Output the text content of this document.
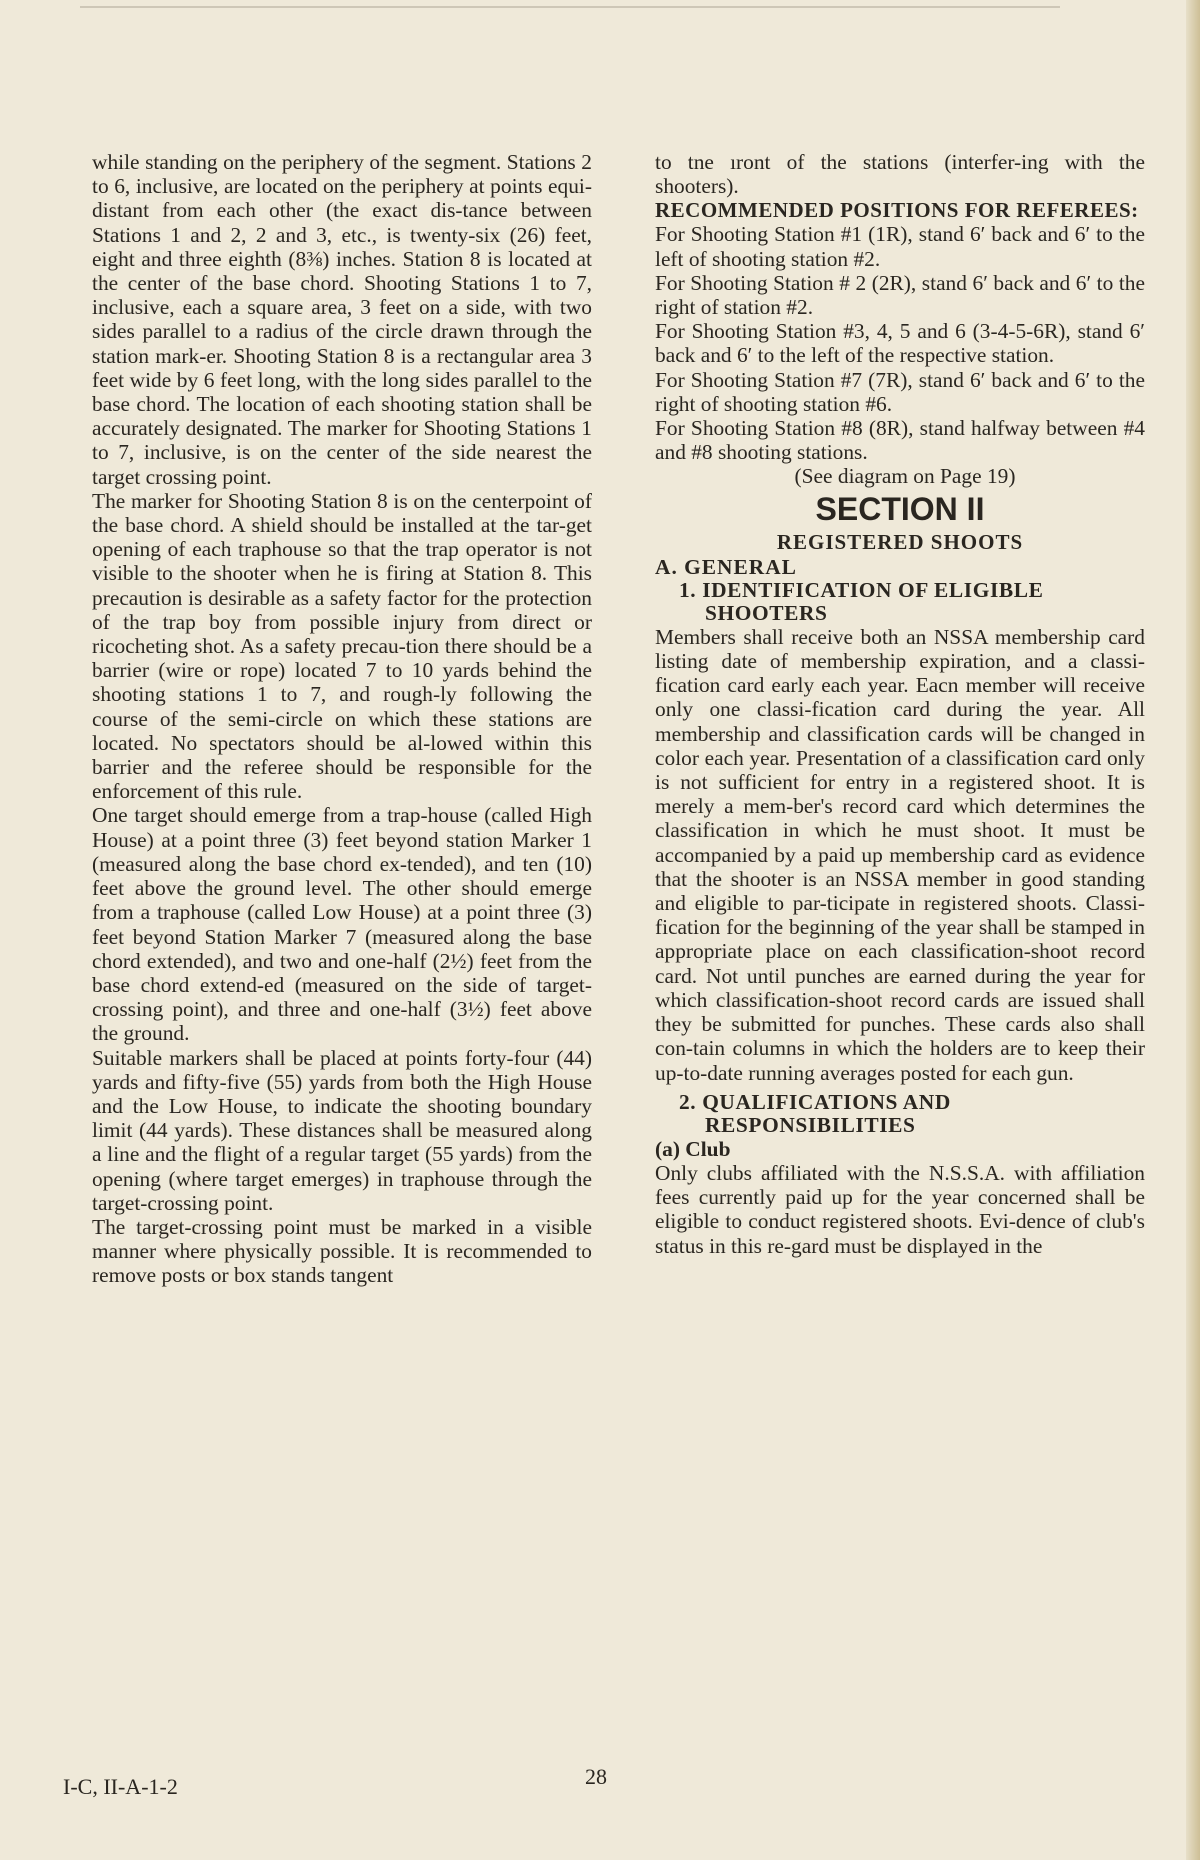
while standing on the periphery of the segment. Stations 2 to 6, inclusive, are located on the periphery at points equi-distant from each other (the exact dis-tance between Stations 1 and 2, 2 and 3, etc., is twenty-six (26) feet, eight and three eighth (8⅜) inches. Station 8 is located at the center of the base chord. Shooting Stations 1 to 7, inclusive, each a square area, 3 feet on a side, with two sides parallel to a radius of the circle drawn through the station mark-er. Shooting Station 8 is a rectangular area 3 feet wide by 6 feet long, with the long sides parallel to the base chord. The location of each shooting station shall be accurately designated. The marker for Shooting Stations 1 to 7, inclusive, is on the center of the side nearest the target crossing point.

The marker for Shooting Station 8 is on the centerpoint of the base chord. A shield should be installed at the tar-get opening of each traphouse so that the trap operator is not visible to the shooter when he is firing at Station 8. This precaution is desirable as a safety factor for the protection of the trap boy from possible injury from direct or ricocheting shot. As a safety precau-tion there should be a barrier (wire or rope) located 7 to 10 yards behind the shooting stations 1 to 7, and rough-ly following the course of the semi-circle on which these stations are located. No spectators should be al-lowed within this barrier and the referee should be responsible for the enforcement of this rule.

One target should emerge from a trap-house (called High House) at a point three (3) feet beyond station Marker 1 (measured along the base chord ex-tended), and ten (10) feet above the ground level. The other should emerge from a traphouse (called Low House) at a point three (3) feet beyond Station Marker 7 (measured along the base chord extended), and two and one-half (2½) feet from the base chord extend-ed (measured on the side of target-crossing point), and three and one-half (3½) feet above the ground.

Suitable markers shall be placed at points forty-four (44) yards and fifty-five (55) yards from both the High House and the Low House, to indicate the shooting boundary limit (44 yards). These distances shall be measured along a line and the flight of a regular target (55 yards) from the opening (where target emerges) in traphouse through the target-crossing point.

The target-crossing point must be marked in a visible manner where physically possible. It is recommended to remove posts or box stands tangent

to tne ıront of the stations (interfer-ing with the shooters).

RECOMMENDED POSITIONS FOR REFEREES:

For Shooting Station #1 (1R), stand 6′ back and 6′ to the left of shooting station #2.

For Shooting Station # 2 (2R), stand 6′ back and 6′ to the right of station #2.

For Shooting Station #3, 4, 5 and 6 (3-4-5-6R), stand 6′ back and 6′ to the left of the respective station.

For Shooting Station #7 (7R), stand 6′ back and 6′ to the right of shooting station #6.

For Shooting Station #8 (8R), stand halfway between #4 and #8 shooting stations.

(See diagram on Page 19)

SECTION II

REGISTERED SHOOTS

A. GENERAL

1. IDENTIFICATION OF ELIGIBLE SHOOTERS

Members shall receive both an NSSA membership card listing date of membership expiration, and a classi-fication card early each year. Eacn member will receive only one classi-fication card during the year. All membership and classification cards will be changed in color each year. Presentation of a classification card only is not sufficient for entry in a registered shoot. It is merely a mem-ber's record card which determines the classification in which he must shoot. It must be accompanied by a paid up membership card as evidence that the shooter is an NSSA member in good standing and eligible to par-ticipate in registered shoots. Classi-fication for the beginning of the year shall be stamped in appropriate place on each classification-shoot record card. Not until punches are earned during the year for which classification-shoot record cards are issued shall they be submitted for punches. These cards also shall con-tain columns in which the holders are to keep their up-to-date running averages posted for each gun.

2. QUALIFICATIONS AND RESPONSIBILITIES

(a) Club

Only clubs affiliated with the N.S.S.A. with affiliation fees currently paid up for the year concerned shall be eligible to conduct registered shoots. Evi-dence of club's status in this re-gard must be displayed in the

I-C, II-A-1-2	28
